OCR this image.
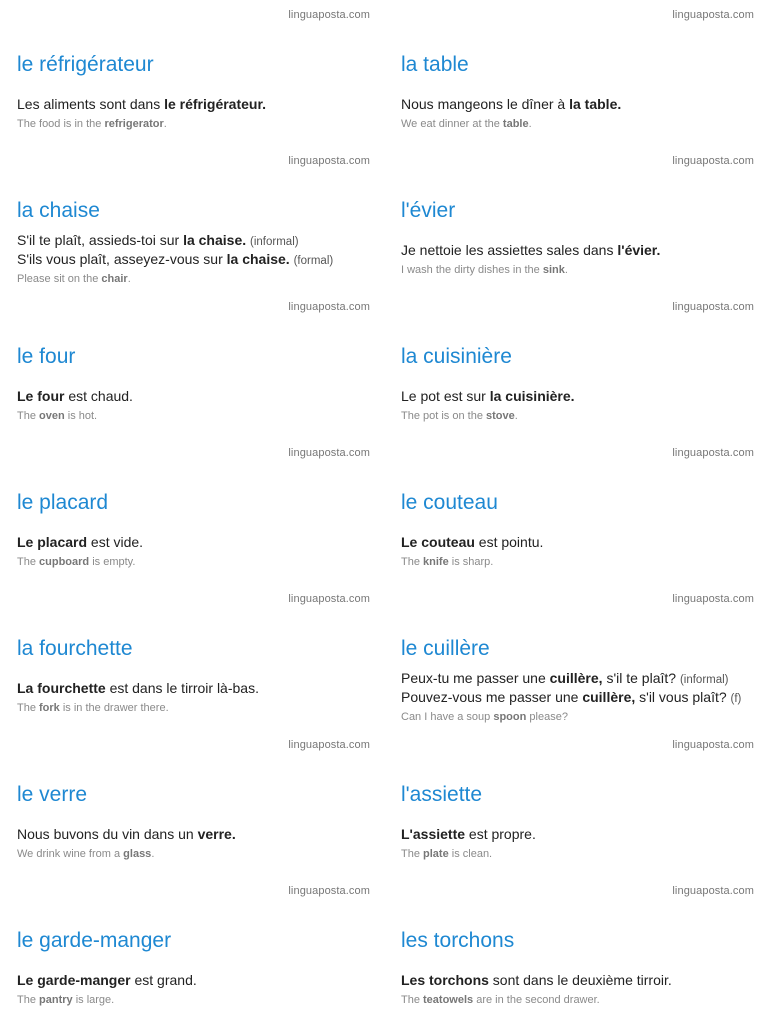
linguaposta.com
le réfrigérateur
Les aliments sont dans le réfrigérateur.
The food is in the refrigerator.
linguaposta.com
la table
Nous mangeons le dîner à la table.
We eat dinner at the table.
linguaposta.com
la chaise
S'il te plaît, assieds-toi sur la chaise. (informal)
S'ils vous plaît, asseyez-vous sur la chaise. (formal)
Please sit on the chair.
linguaposta.com
l'évier
Je nettoie les assiettes sales dans l'évier.
I wash the dirty dishes in the sink.
linguaposta.com
le four
Le four est chaud.
The oven is hot.
linguaposta.com
la cuisinière
Le pot est sur la cuisinière.
The pot is on the stove.
linguaposta.com
le placard
Le placard est vide.
The cupboard is empty.
linguaposta.com
le couteau
Le couteau est pointu.
The knife is sharp.
linguaposta.com
la fourchette
La fourchette est dans le tirroir là-bas.
The fork is in the drawer there.
linguaposta.com
le cuillère
Peux-tu me passer une cuillère, s'il te plaît? (informal)
Pouvez-vous me passer une cuillère, s'il vous plaît? (f)
Can I have a soup spoon please?
linguaposta.com
le verre
Nous buvons du vin dans un verre.
We drink wine from a glass.
linguaposta.com
l'assiette
L'assiette est propre.
The plate is clean.
linguaposta.com
le garde-manger
Le garde-manger est grand.
The pantry is large.
linguaposta.com
les torchons
Les torchons sont dans le deuxième tirroir.
The teatowels are in the second drawer.
